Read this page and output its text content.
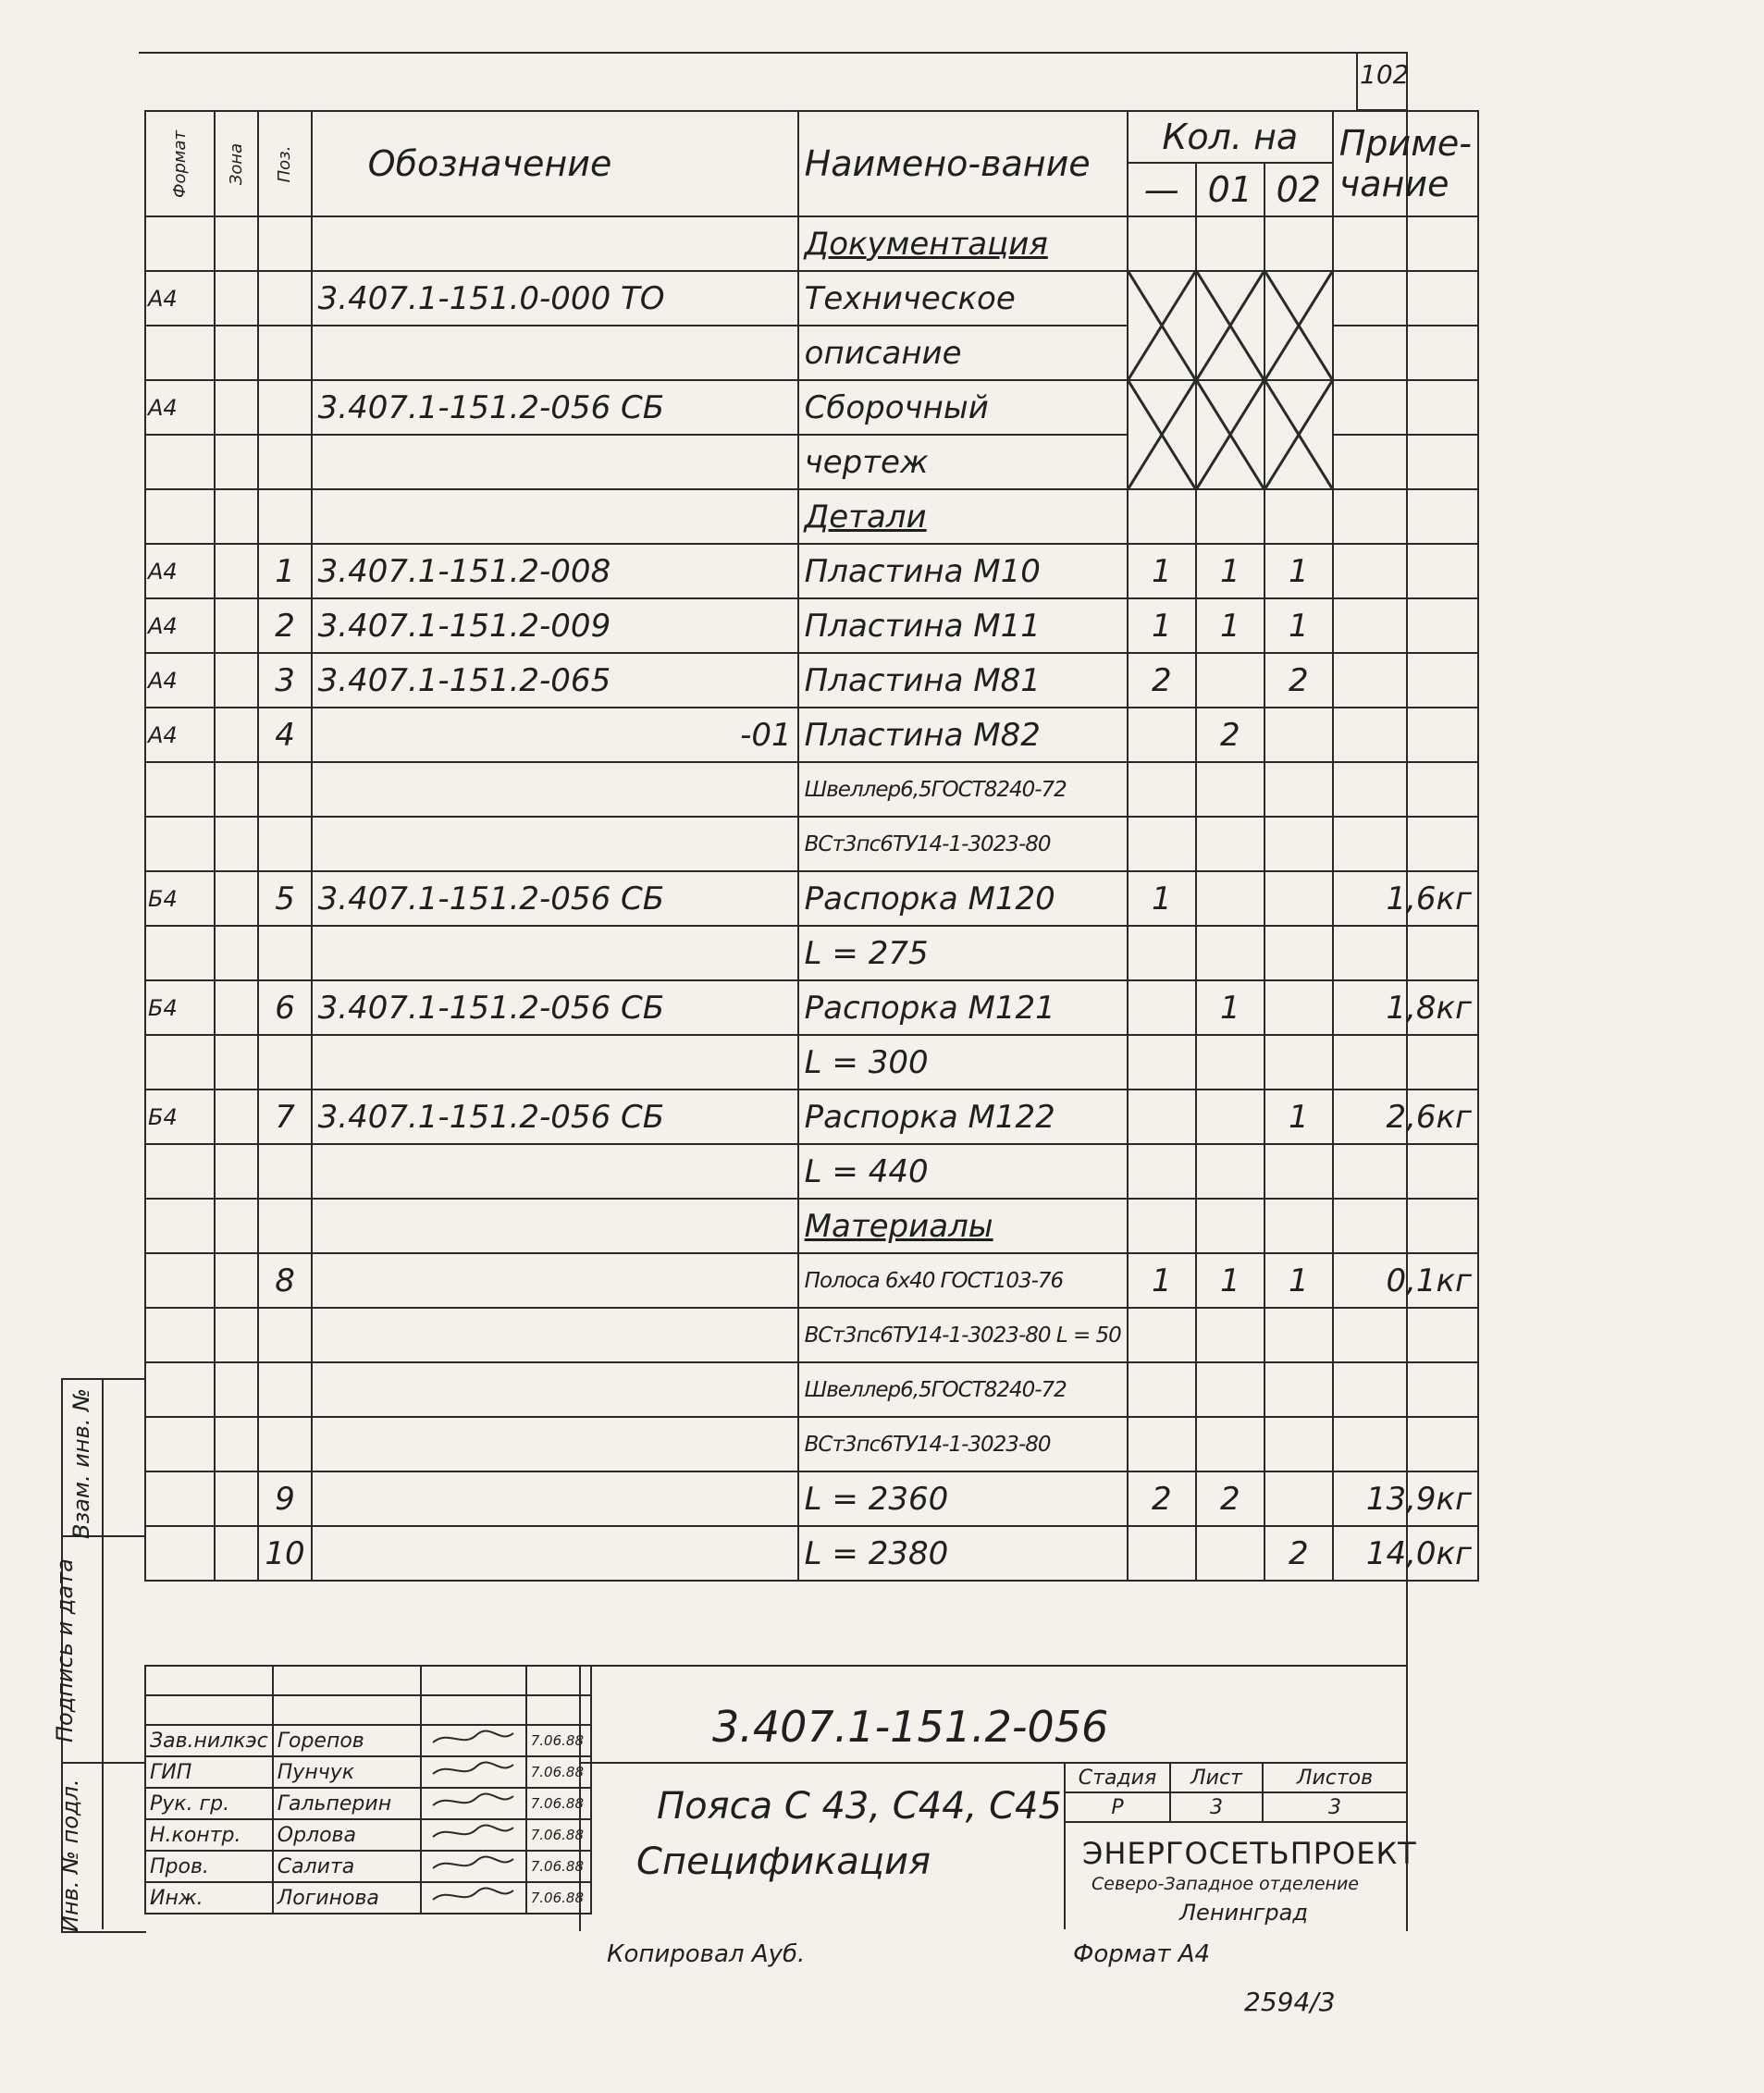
102
Формат	Зона	Поз.	Обозначение	Наимено-вание	Кол. на
— 01 02			Приме-чание
				Документация				
А4			3.407.1-151.0-000 ТО	Техническое	

				описание				
А4			3.407.1-151.2-056 СБ	Сборочный	

				чертеж				
				Детали				
А4		1	3.407.1-151.2-008	Пластина М10	1	1	1	
А4		2	3.407.1-151.2-009	Пластина М11	1	1	1	
А4		3	3.407.1-151.2-065	Пластина М81	2		2	
А4		4	-01	Пластина М82		2		
				Швеллер6,5ГОСТ8240-72				
				ВСт3пс6ТУ14-1-3023-80				
Б4		5	3.407.1-151.2-056 СБ	Распорка М120	1			1,6кг
				L = 275				
Б4		6	3.407.1-151.2-056 СБ	Распорка М121		1		1,8кг
				L = 300				
Б4		7	3.407.1-151.2-056 СБ	Распорка М122			1	2,6кг
				L = 440				
				Материалы				
		8		Полоса 6х40 ГОСТ103-76	1	1	1	0,1кг
				ВСт3пс6ТУ14-1-3023-80 L = 50				
				Швеллер6,5ГОСТ8240-72				
				ВСт3пс6ТУ14-1-3023-80				
		9		L = 2360	2	2		13,9кг
		10		L = 2380			2	14,0кг
Взам. инв. №
Подпись и дата
Инв. № подл.

Зав.нилкэс	Горепов		7.06.88
ГИП	Пунчук		7.06.88
Рук. гр.	Гальперин		7.06.88
Н.контр.	Орлова		7.06.88
Пров.	Салита		7.06.88
Инж.	Логинова		7.06.88
3.407.1-151.2-056
Пояса С 43, С44, С45
Спецификация
Стадия	Лист	Листов
Р	3	3
ЭНЕРГОСЕТЬПРОЕКТ
Северо-Западное отделение
Ленинград
Копировал Ауб.	Формат А4
2594/3
